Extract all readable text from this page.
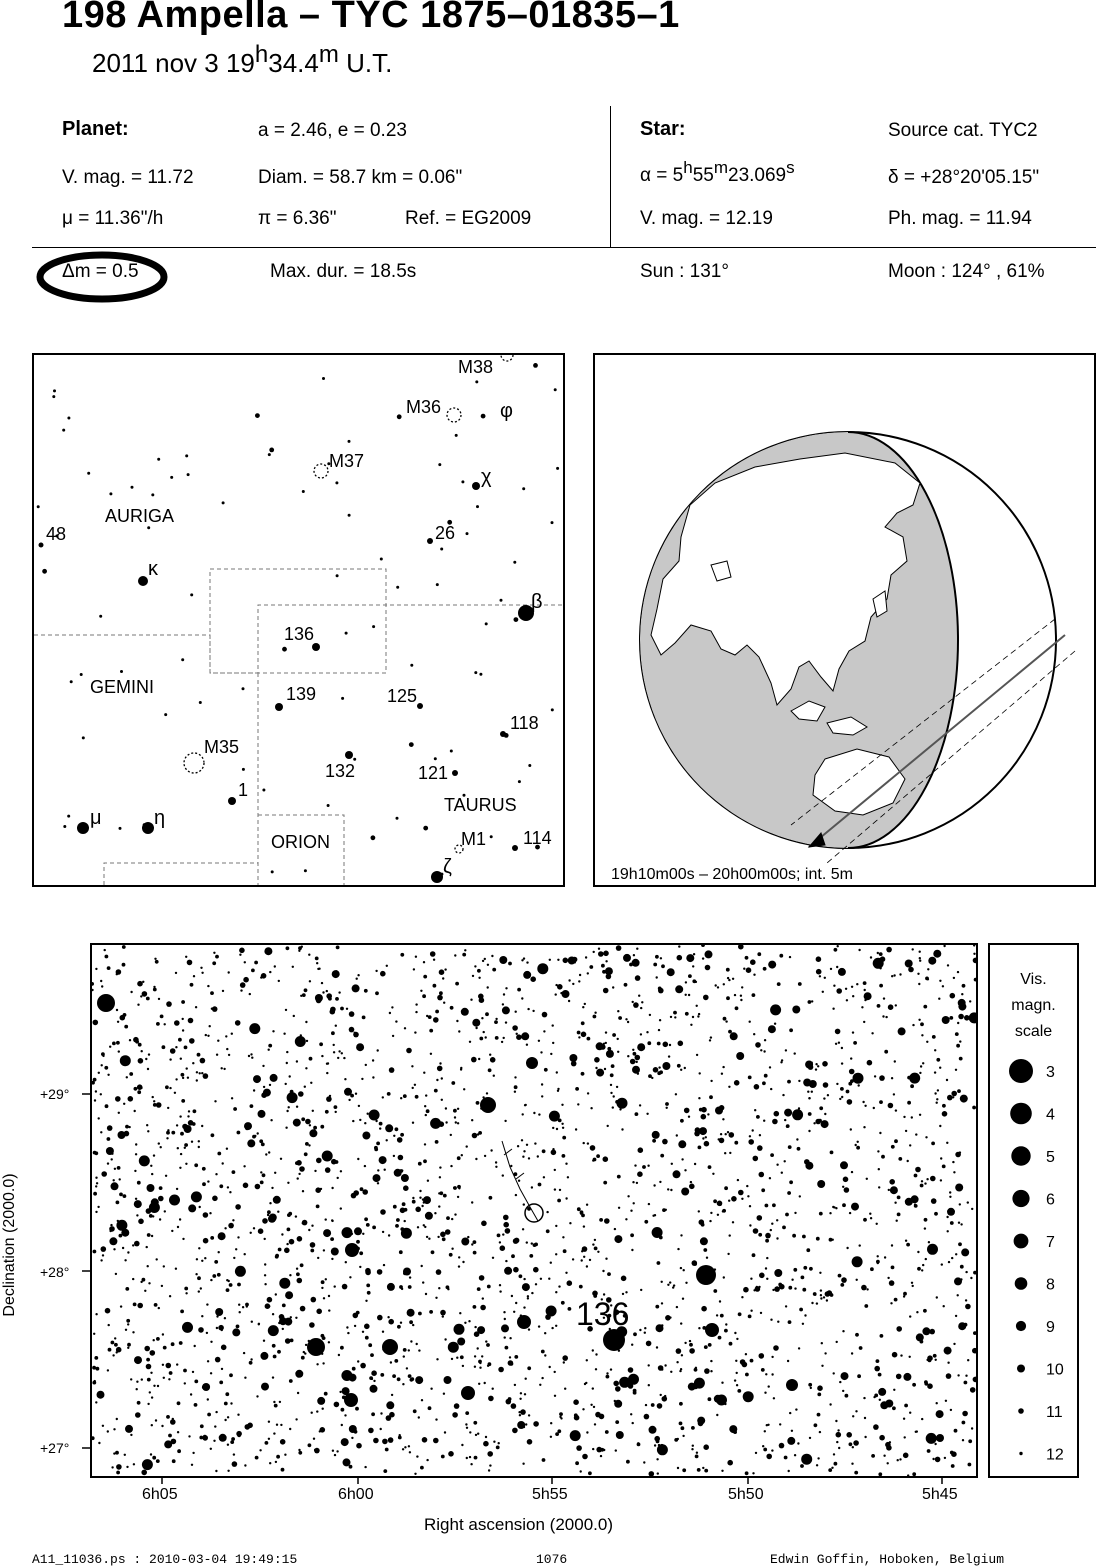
198 Ampella – TYC 1875–01835–1
2011 nov 3 19$^h$34.4$^m$ U.T.
Planet:	a = 2.46, e = 0.23
V. mag. = 11.72	Diam. = 58.7 km = 0.06"
μ = 11.36"/h	π = 6.36"	Ref. = EG2009
Star:	Source cat. TYC2
$\alpha = 5^h55^m23.069^s$	δ = +28°20'05.15"
V. mag. = 12.19	Ph. mag. = 11.94
Δm = 0.5	Max. dur. = 18.5s	Sun : 131°	Moon : 124° , 61%
AURIGA
GEMINI
TAURUS
ORION
48
κ
26
β
χ
φ
136
139	125
118
132	121
1
μ	η
114
ζ
M38
M36
M37
M35
M1
19h10m00s – 20h00m00s; int. 5m
Declination (2000.0)	136
+29°
+28°
+27°
6h05	6h00	5h55	5h50	5h45
Right ascension (2000.0)
Vis.
magn.
scale
3
4
5
6
7
8
9
10
11
12
A11_11036.ps : 2010-03-04 19:49:15	1076	Edwin Goffin, Hoboken, Belgium
